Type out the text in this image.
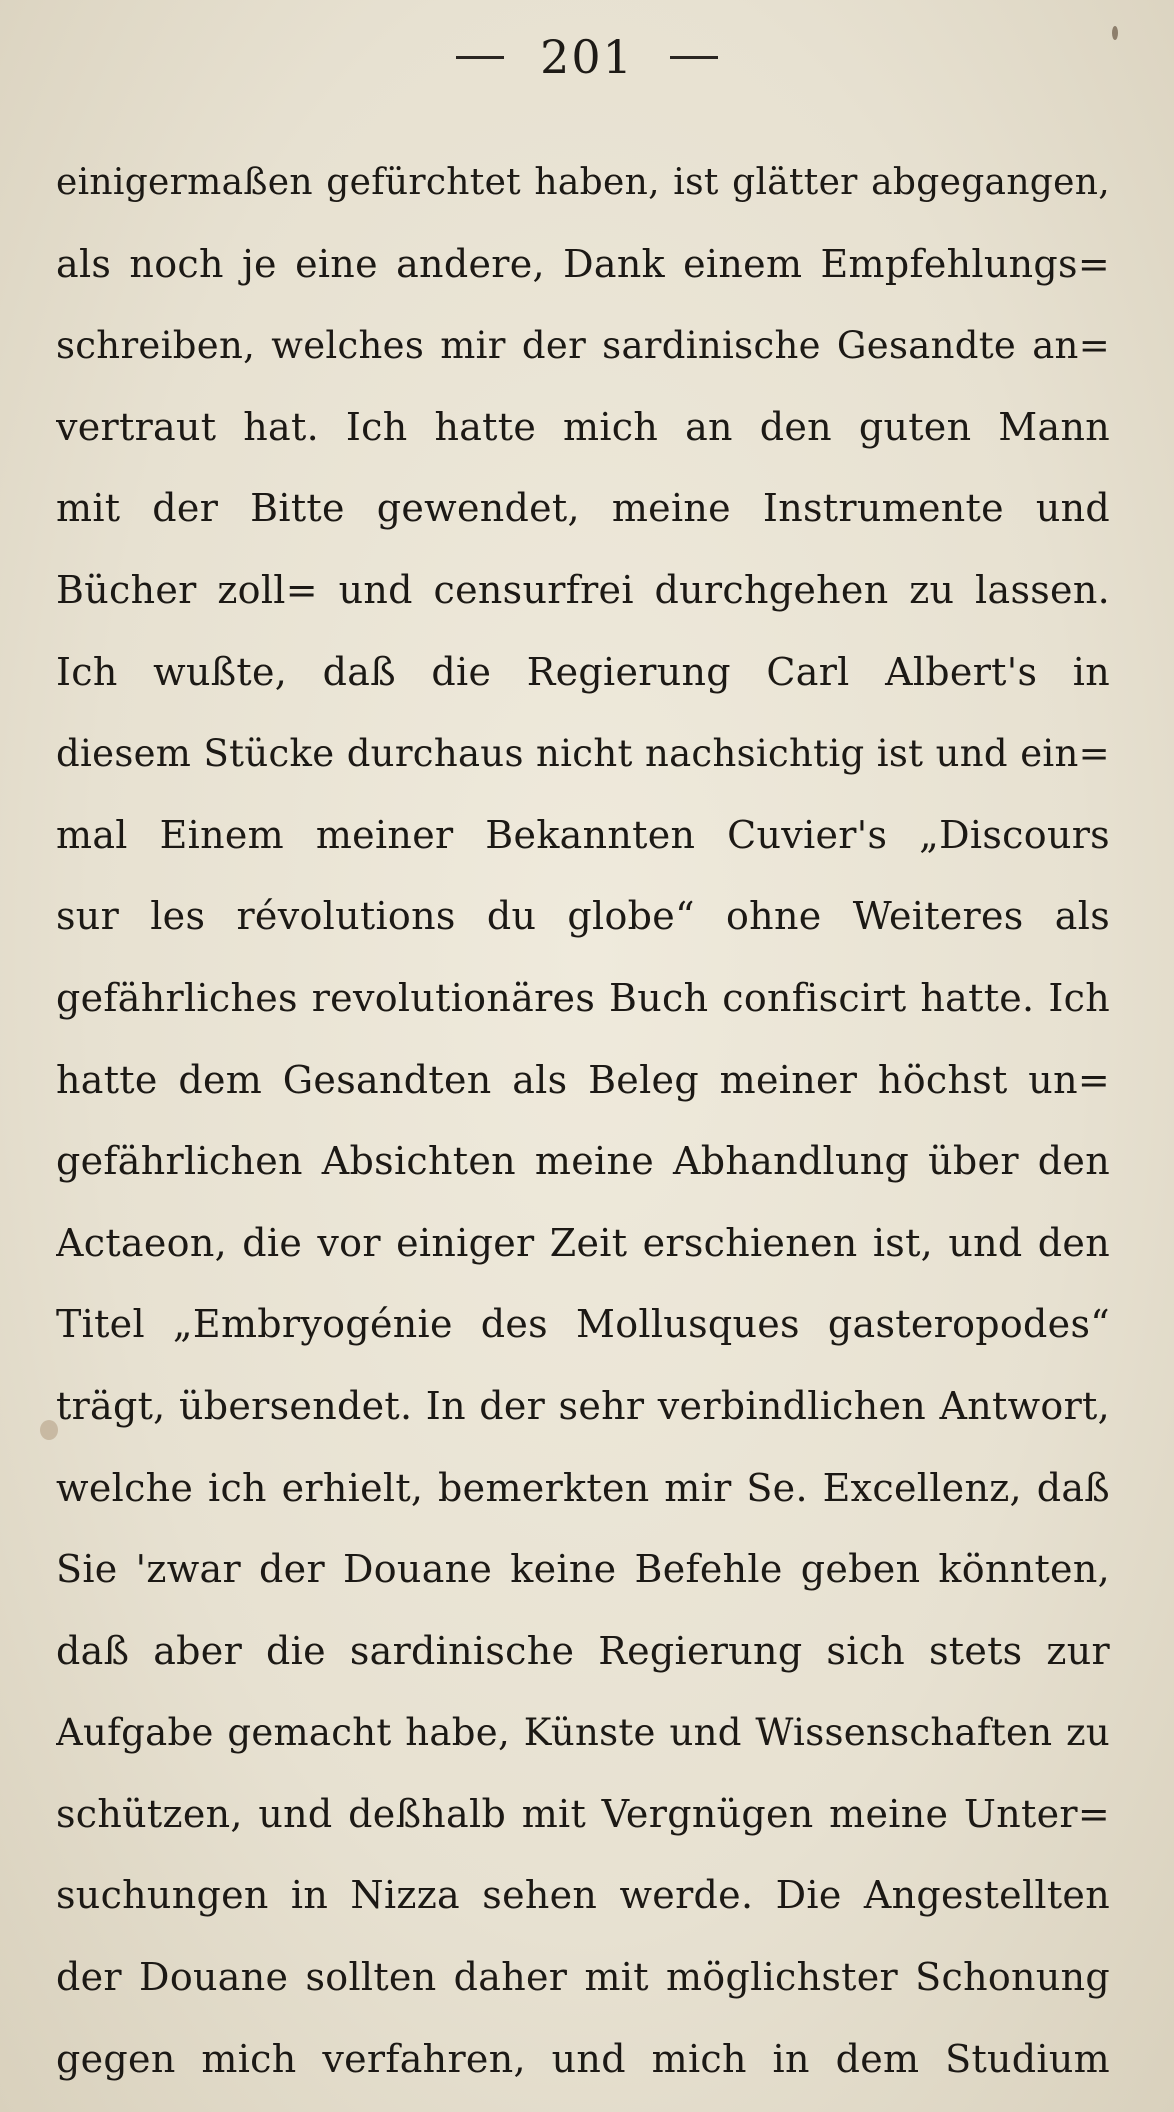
201
einigermaßen gefürchtet haben, ist glätter abgegangen,
als noch je eine andere, Dank einem Empfehlungs=
schreiben, welches mir der sardinische Gesandte an=
vertraut hat. Ich hatte mich an den guten Mann
mit der Bitte gewendet, meine Instrumente und
Bücher zoll= und censurfrei durchgehen zu lassen.
Ich wußte, daß die Regierung Carl Albert's in
diesem Stücke durchaus nicht nachsichtig ist und ein=
mal Einem meiner Bekannten Cuvier's „Discours
sur les révolutions du globe“ ohne Weiteres als
gefährliches revolutionäres Buch confiscirt hatte. Ich
hatte dem Gesandten als Beleg meiner höchst un=
gefährlichen Absichten meine Abhandlung über den
Actaeon, die vor einiger Zeit erschienen ist, und den
Titel „Embryogénie des Mollusques gasteropodes“
trägt, übersendet. In der sehr verbindlichen Antwort,
welche ich erhielt, bemerkten mir Se. Excellenz, daß
Sie 'zwar der Douane keine Befehle geben könnten,
daß aber die sardinische Regierung sich stets zur
Aufgabe gemacht habe, Künste und Wissenschaften zu
schützen, und deßhalb mit Vergnügen meine Unter=
suchungen in Nizza sehen werde. Die Angestellten
der Douane sollten daher mit möglichster Schonung
gegen mich verfahren, und mich in dem Studium
